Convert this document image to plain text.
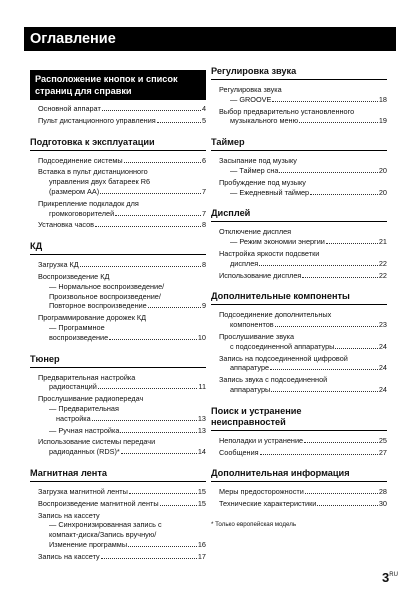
Оглавление
Расположение кнопок и список
страниц для справки
Основной аппарат	4
Пульт дистанционного управления	5
Подготовка к эксплуатации
Подсоединение системы	6
Вставка в пульт дистанционного
управления двух батареек R6
(размером AA)	7
Прикрепление подкладок для
громкоговорителей	7
Установка часов	8
КД
Загрузка КД	8
Воспроизведение КД
— Нормальное воспроизведение/
Произвольное воспроизведение/
Повторное воспроизведение	9
Программирование дорожек КД
— Программное
воспроизведение	10
Тюнер
Предварительная настройка
радиостанций	11
Прослушивание радиопередач
— Предварительная
настройка	13
— Ручная настройка	13
Использование системы передачи
радиоданных (RDS)*	14
Магнитная лента
Загрузка магнитной ленты	15
Воспроизведение магнитной ленты	15
Запись на кассету
— Синхронизированная запись с
компакт-диска/Запись вручную/
Изменение программы	16
Запись на кассету	17
Регулировка звука
Регулировка звука
— GROOVE	18
Выбор предварительно установленного
музыкального меню	19
Таймер
Засыпание под музыку
— Таймер сна	20
Пробуждение под музыку
— Ежедневный таймер	20
Дисплей
Отключение дисплея
— Режим экономии энергии	21
Настройка яркости подсветки
дисплея	22
Использование дисплея	22
Дополнительные компоненты
Подсоединение дополнительных
компонентов	23
Прослушивание звука
с подсоединенной аппаратуры	24
Запись на подсоединенной цифровой
аппаратуре	24
Запись звука с подсоединенной
аппаратуры	24
Поиск и устранение
неисправностей
Неполадки и устранение	25
Сообщения	27
Дополнительная информация
Меры предосторожности	28
Технические характеристики	30
* Только европейская модель
$3^{RU}$
